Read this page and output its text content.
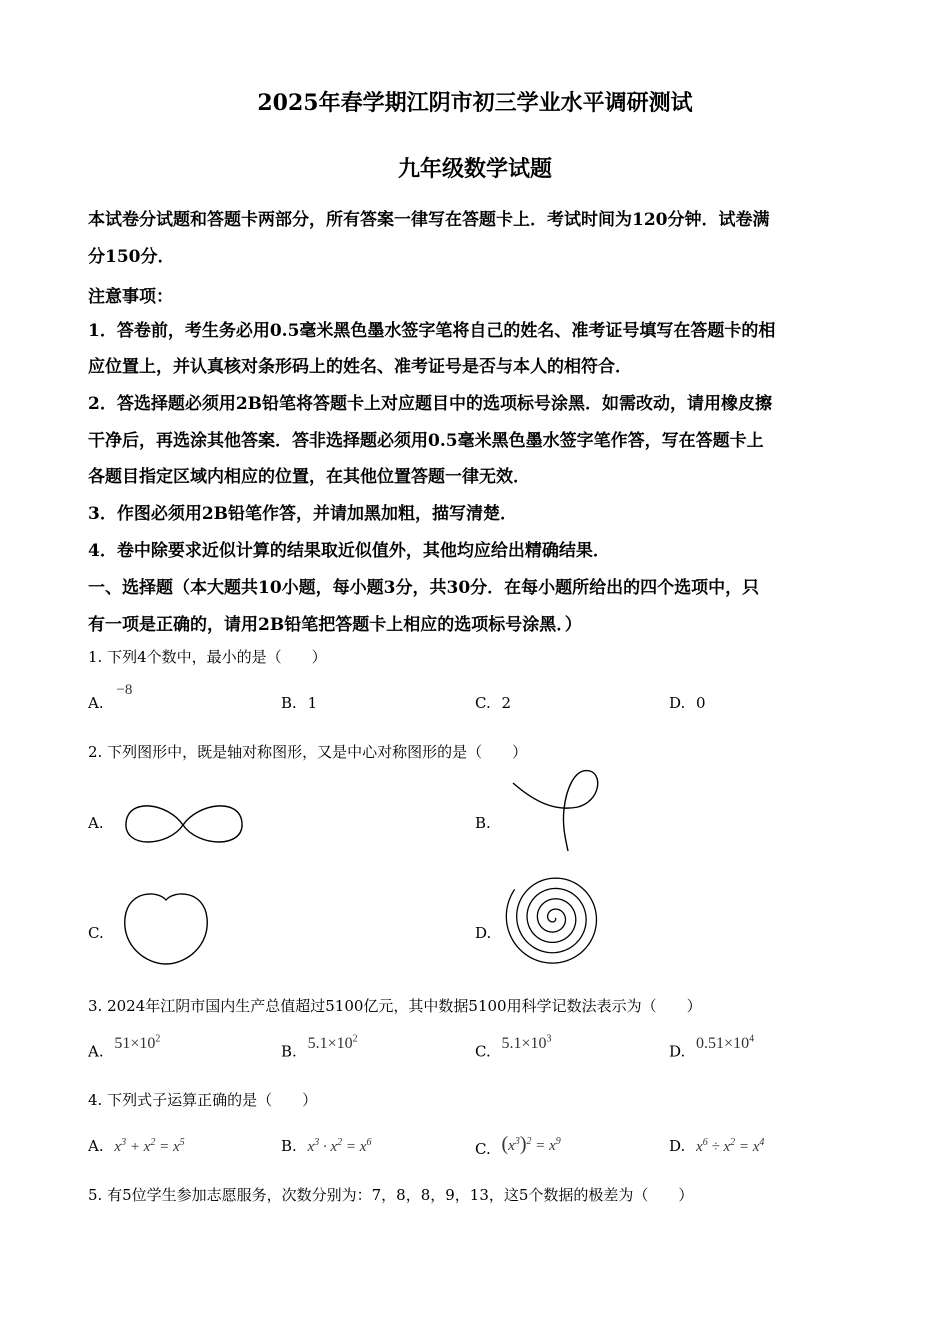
2025年春学期江阴市初三学业水平调研测试
九年级数学试题
本试卷分试题和答题卡两部分，所有答案一律写在答题卡上．考试时间为120分钟．试卷满
分150分．
注意事项：
1．答卷前，考生务必用0.5毫米黑色墨水签字笔将自己的姓名、准考证号填写在答题卡的相
应位置上，并认真核对条形码上的姓名、准考证号是否与本人的相符合．
2．答选择题必须用2B铅笔将答题卡上对应题目中的选项标号涂黑．如需改动，请用橡皮擦
干净后，再选涂其他答案．答非选择题必须用0.5毫米黑色墨水签字笔作答，写在答题卡上
各题目指定区域内相应的位置，在其他位置答题一律无效．
3．作图必须用2B铅笔作答，并请加黑加粗，描写清楚．
4．卷中除要求近似计算的结果取近似值外，其他均应给出精确结果．
一、选择题（本大题共10小题，每小题3分，共30分．在每小题所给出的四个选项中，只
有一项是正确的，请用2B铅笔把答题卡上相应的选项标号涂黑．）
1. 下列4个数中，最小的是（　　）
A. −8
B. 1	C. 2	D. 0
2. 下列图形中，既是轴对称图形，又是中心对称图形的是（　　）
A.	B.
C.	D.
3. 2024年江阴市国内生产总值超过5100亿元，其中数据5100用科学记数法表示为（　　）
A. $51\times 10^2$
B. $5.1\times 10^2$
C. $5.1\times 10^3$
D. $0.51\times 10^4$
4. 下列式子运算正确的是（　　）
A. $x^3 + x^2 = x^5$	B. $x^3 \cdot x^2 = x^6$	C. $(x^3)^2 = x^9$	D. $x^6 \div x^2 = x^4$
5. 有5位学生参加志愿服务，次数分别为：7，8，8，9，13，这5个数据的极差为（　　）
